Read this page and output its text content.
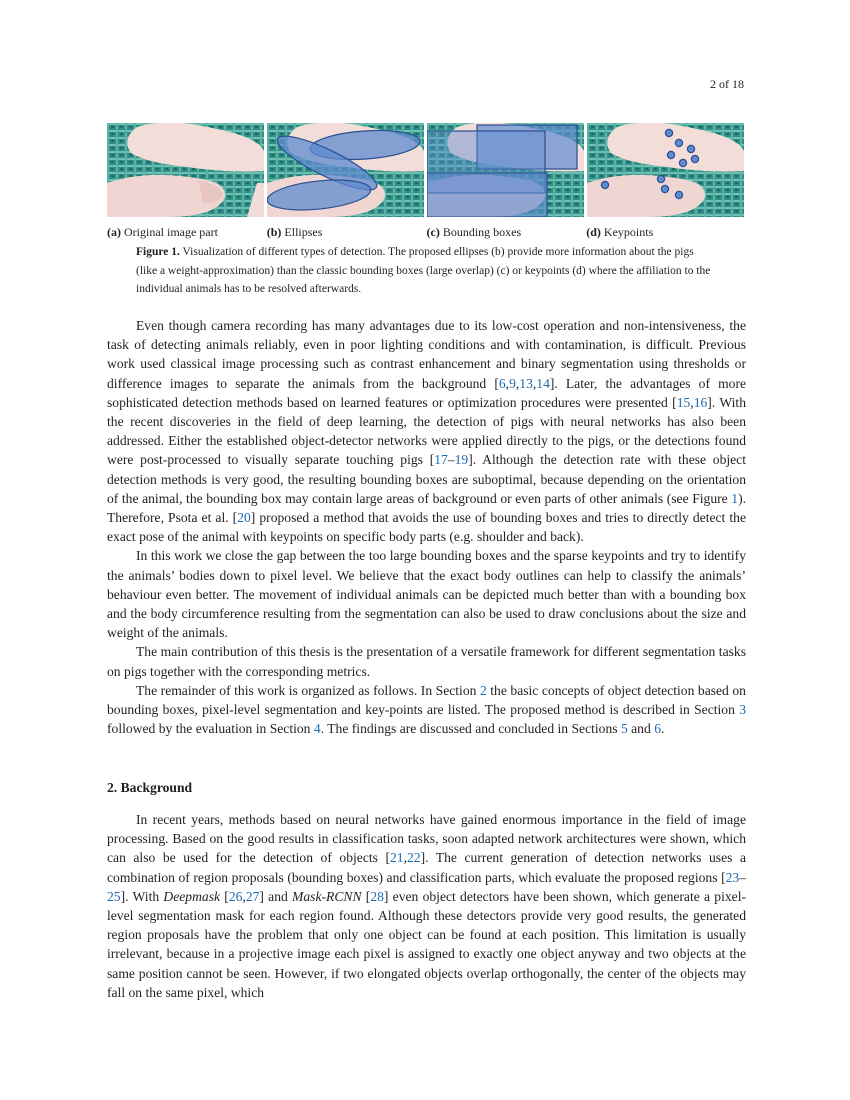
2 of 18
(a) Original image part	(b) Ellipses	(c) Bounding boxes	(d) Keypoints
Figure 1. Visualization of different types of detection. The proposed ellipses (b) provide more information about the pigs (like a weight-approximation) than the classic bounding boxes (large overlap) (c) or keypoints (d) where the affiliation to the individual animals has to be resolved afterwards.

Even though camera recording has many advantages due to its low-cost operation and non-intensiveness, the task of detecting animals reliably, even in poor lighting conditions and with contamination, is difficult. Previous work used classical image processing such as contrast enhancement and binary segmentation using thresholds or difference images to separate the animals from the background [6,9,13,14]. Later, the advantages of more sophisticated detection methods based on learned features or optimization procedures were presented [15,16]. With the recent discoveries in the field of deep learning, the detection of pigs with neural networks has also been addressed. Either the established object-detector networks were applied directly to the pigs, or the detections found were post-processed to visually separate touching pigs [17–19]. Although the detection rate with these object detection methods is very good, the resulting bounding boxes are suboptimal, because depending on the orientation of the animal, the bounding box may contain large areas of background or even parts of other animals (see Figure 1). Therefore, Psota et al. [20] proposed a method that avoids the use of bounding boxes and tries to directly detect the exact pose of the animal with keypoints on specific body parts (e.g. shoulder and back).

In this work we close the gap between the too large bounding boxes and the sparse keypoints and try to identify the animals’ bodies down to pixel level. We believe that the exact body outlines can help to classify the animals’ behaviour even better. The movement of individual animals can be depicted much better than with a bounding box and the body circumference resulting from the segmentation can also be used to draw conclusions about the size and weight of the animals.

The main contribution of this thesis is the presentation of a versatile framework for different segmentation tasks on pigs together with the corresponding metrics.

The remainder of this work is organized as follows. In Section 2 the basic concepts of object detection based on bounding boxes, pixel-level segmentation and key-points are listed. The proposed method is described in Section 3 followed by the evaluation in Section 4. The findings are discussed and concluded in Sections 5 and 6.

2. Background

In recent years, methods based on neural networks have gained enormous importance in the field of image processing. Based on the good results in classification tasks, soon adapted network architectures were shown, which can also be used for the detection of objects [21,22]. The current generation of detection networks uses a combination of region proposals (bounding boxes) and classification parts, which evaluate the proposed regions [23–25]. With Deepmask [26,27] and Mask-RCNN [28] even object detectors have been shown, which generate a pixel-level segmentation mask for each region found. Although these detectors provide very good results, the generated region proposals have the problem that only one object can be found at each position. This limitation is usually irrelevant, because in a projective image each pixel is assigned to exactly one object anyway and two objects at the same position cannot be seen. However, if two elongated objects overlap orthogonally, the center of the objects may fall on the same pixel, which
